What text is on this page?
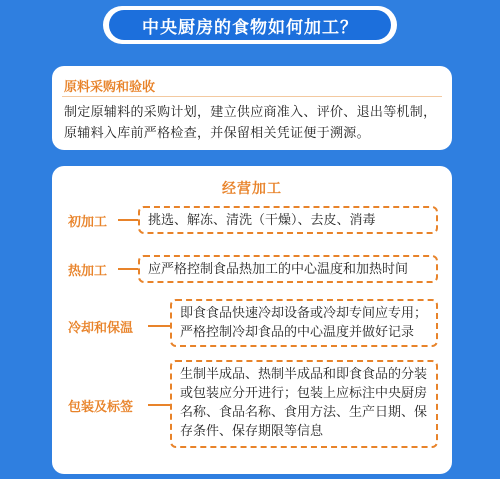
中央厨房的食物如何加工？
原料采购和验收
制定原辅料的采购计划，建立供应商准入、评价、退出等机制，原辅料入库前严格检查，并保留相关凭证便于溯源。
经营加工
初加工	挑选、解冻、清洗（干燥）、去皮、消毒
热加工	应严格控制食品热加工的中心温度和加热时间
冷却和保温
即食食品快速冷却设备或冷却专间应专用；严格控制冷却食品的中心温度并做好记录
包装及标签
生制半成品、热制半成品和即食食品的分装或包装应分开进行；包装上应标注中央厨房名称、食品名称、食用方法、生产日期、保存条件、保存期限等信息
